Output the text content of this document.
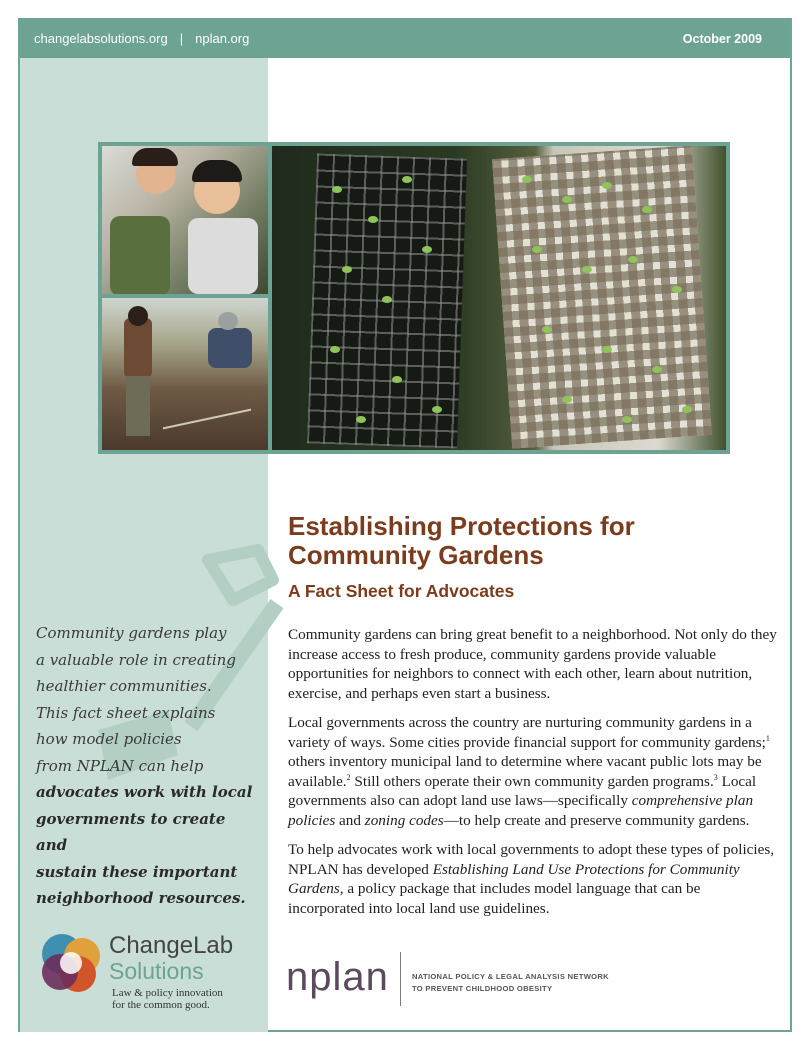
changelabsolutions.org | nplan.org	October 2009
Community gardens play
a valuable role in creating
healthier communities.
This fact sheet explains
how model policies
from NPLAN can help
advocates work with local
governments to create and
sustain these important
neighborhood resources.
Establishing Protections for
Community Gardens
A Fact Sheet for Advocates

Community gardens can bring great benefit to a neighborhood. Not only do they increase access to fresh produce, community gardens provide valuable opportunities for neighbors to connect with each other, learn about nutrition, exercise, and perhaps even start a business.

Local governments across the country are nurturing community gardens in a variety of ways. Some cities provide financial support for community gardens;$^1$ others inventory municipal land to determine where vacant public lots may be available.$^2$ Still others operate their own community garden programs.$^3$ Local governments also can adopt land use laws—specifically comprehensive plan policies and zoning codes—to help create and preserve community gardens.

To help advocates work with local governments to adopt these types of policies, NPLAN has developed Establishing Land Use Protections for Community Gardens, a policy package that includes model language that can be incorporated into local land use guidelines.

ChangeLab
Solutions
Law & policy innovation
for the common good.
nplan	NATIONAL POLICY & LEGAL ANALYSIS NETWORK
TO PREVENT CHILDHOOD OBESITY
